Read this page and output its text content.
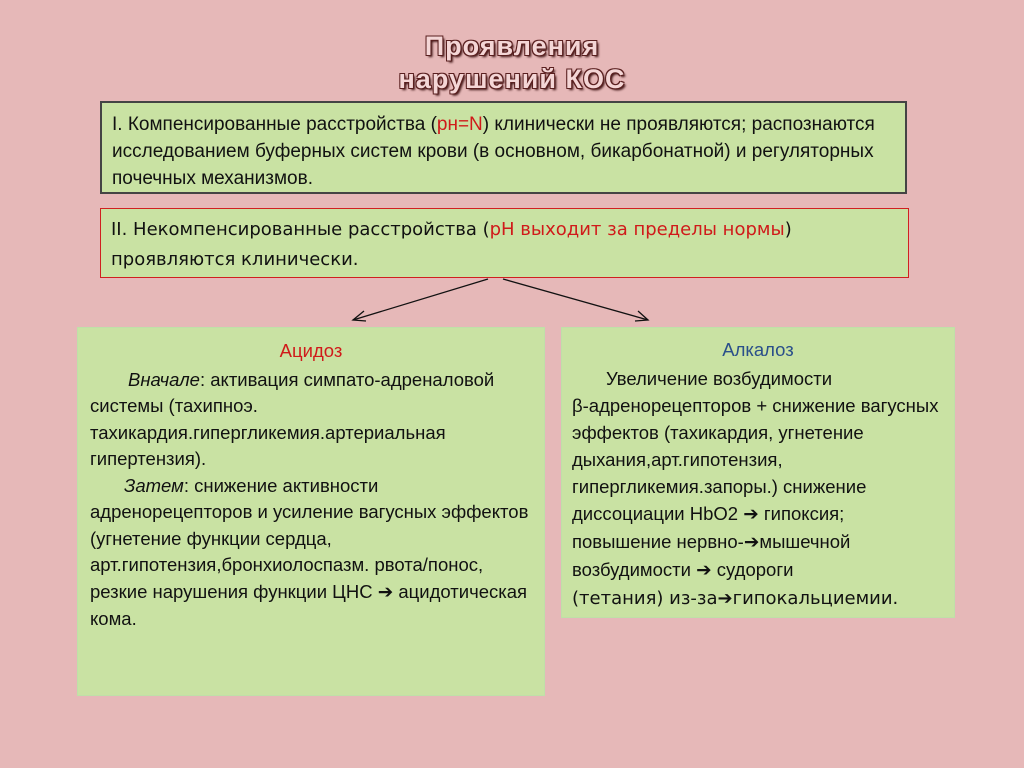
Проявления
нарушений КОС
I. Компенсированные расстройства (рн=N) клинически не проявляются; распознаются исследованием буферных систем крови (в основном, бикарбонатной) и регуляторных почечных механизмов.
II. Некомпенсированные расстройства (pH выходит за пределы нормы) проявляются клинически.
Ацидоз
Вначале: активация симпато-адреналовой системы (тахипноэ.
тахикардия.гипергликемия.артериальная гипертензия).
Затем: снижение активности адренорецепторов и усиление вагусных эффектов (угнетение функции сердца, арт.гипотензия,бронхиолоспазм. рвота/понос, резкие нарушения функции ЦНС ➔ ацидотическая кома.
Алкалоз
Увеличение возбудимости
β-адренорецепторов + снижение вагусных эффектов (тахикардия, угнетение дыхания,арт.гипотензия, гипергликемия.запоры.) снижение диссоциации HbO2 ➔ гипоксия; повышение нервно-➔мышечной возбудимости ➔ судороги
(тетания) из-за➔гипокальциемии.
